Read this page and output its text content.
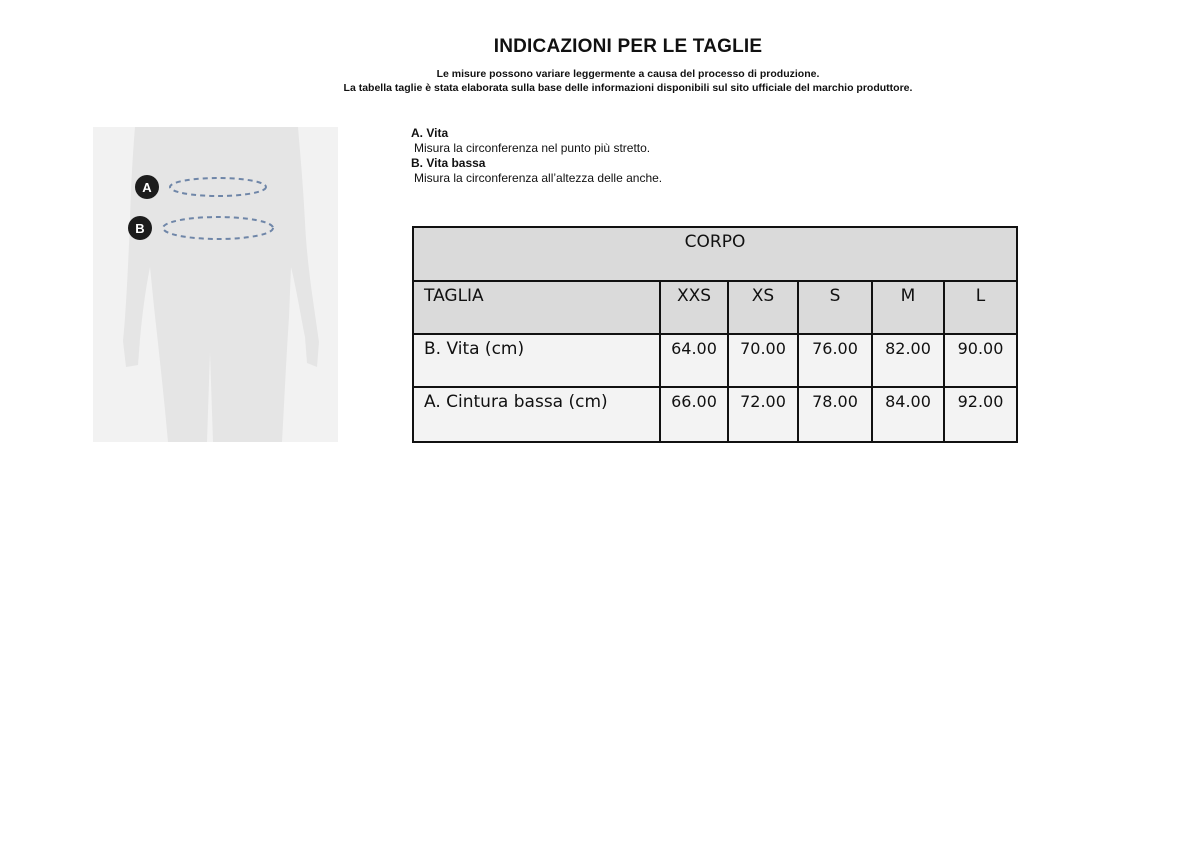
INDICAZIONI PER LE TAGLIE
Le misure possono variare leggermente a causa del processo di produzione.
La tabella taglie è stata elaborata sulla base delle informazioni disponibili sul sito ufficiale del marchio produttore.
A
B
A. Vita
Misura la circonferenza nel punto più stretto.
B. Vita bassa
Misura la circonferenza all’altezza delle anche.
CORPO					
TAGLIA	XXS	XS	S	M	L
B. Vita (cm)	64.00	70.00	76.00	82.00	90.00
A. Cintura bassa (cm)	66.00	72.00	78.00	84.00	92.00
